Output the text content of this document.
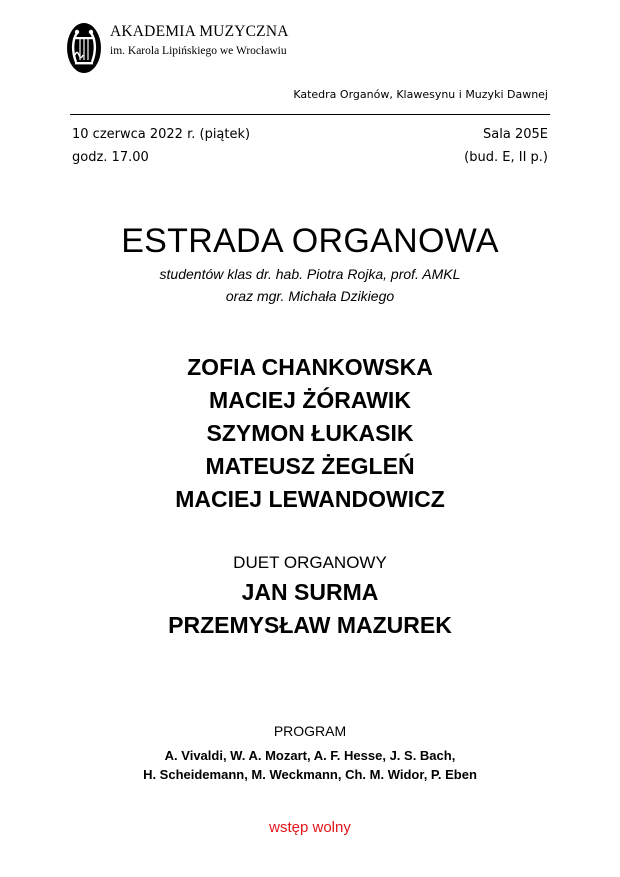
AKADEMIA MUZYCZNA
im. Karola Lipińskiego we Wrocławiu
Katedra Organów, Klawesynu i Muzyki Dawnej
10 czerwca 2022 r. (piątek)
godz. 17.00
Sala 205E
(bud. E, II p.)
ESTRADA ORGANOWA
studentów klas dr. hab. Piotra Rojka, prof. AMKL
oraz mgr. Michała Dzikiego
ZOFIA CHANKOWSKA
MACIEJ ŻÓRAWIK
SZYMON ŁUKASIK
MATEUSZ ŻEGLEŃ
MACIEJ LEWANDOWICZ
DUET ORGANOWY
JAN SURMA
PRZEMYSŁAW MAZUREK
PROGRAM
A. Vivaldi, W. A. Mozart, A. F. Hesse, J. S. Bach,
H. Scheidemann, M. Weckmann, Ch. M. Widor, P. Eben
wstęp wolny
